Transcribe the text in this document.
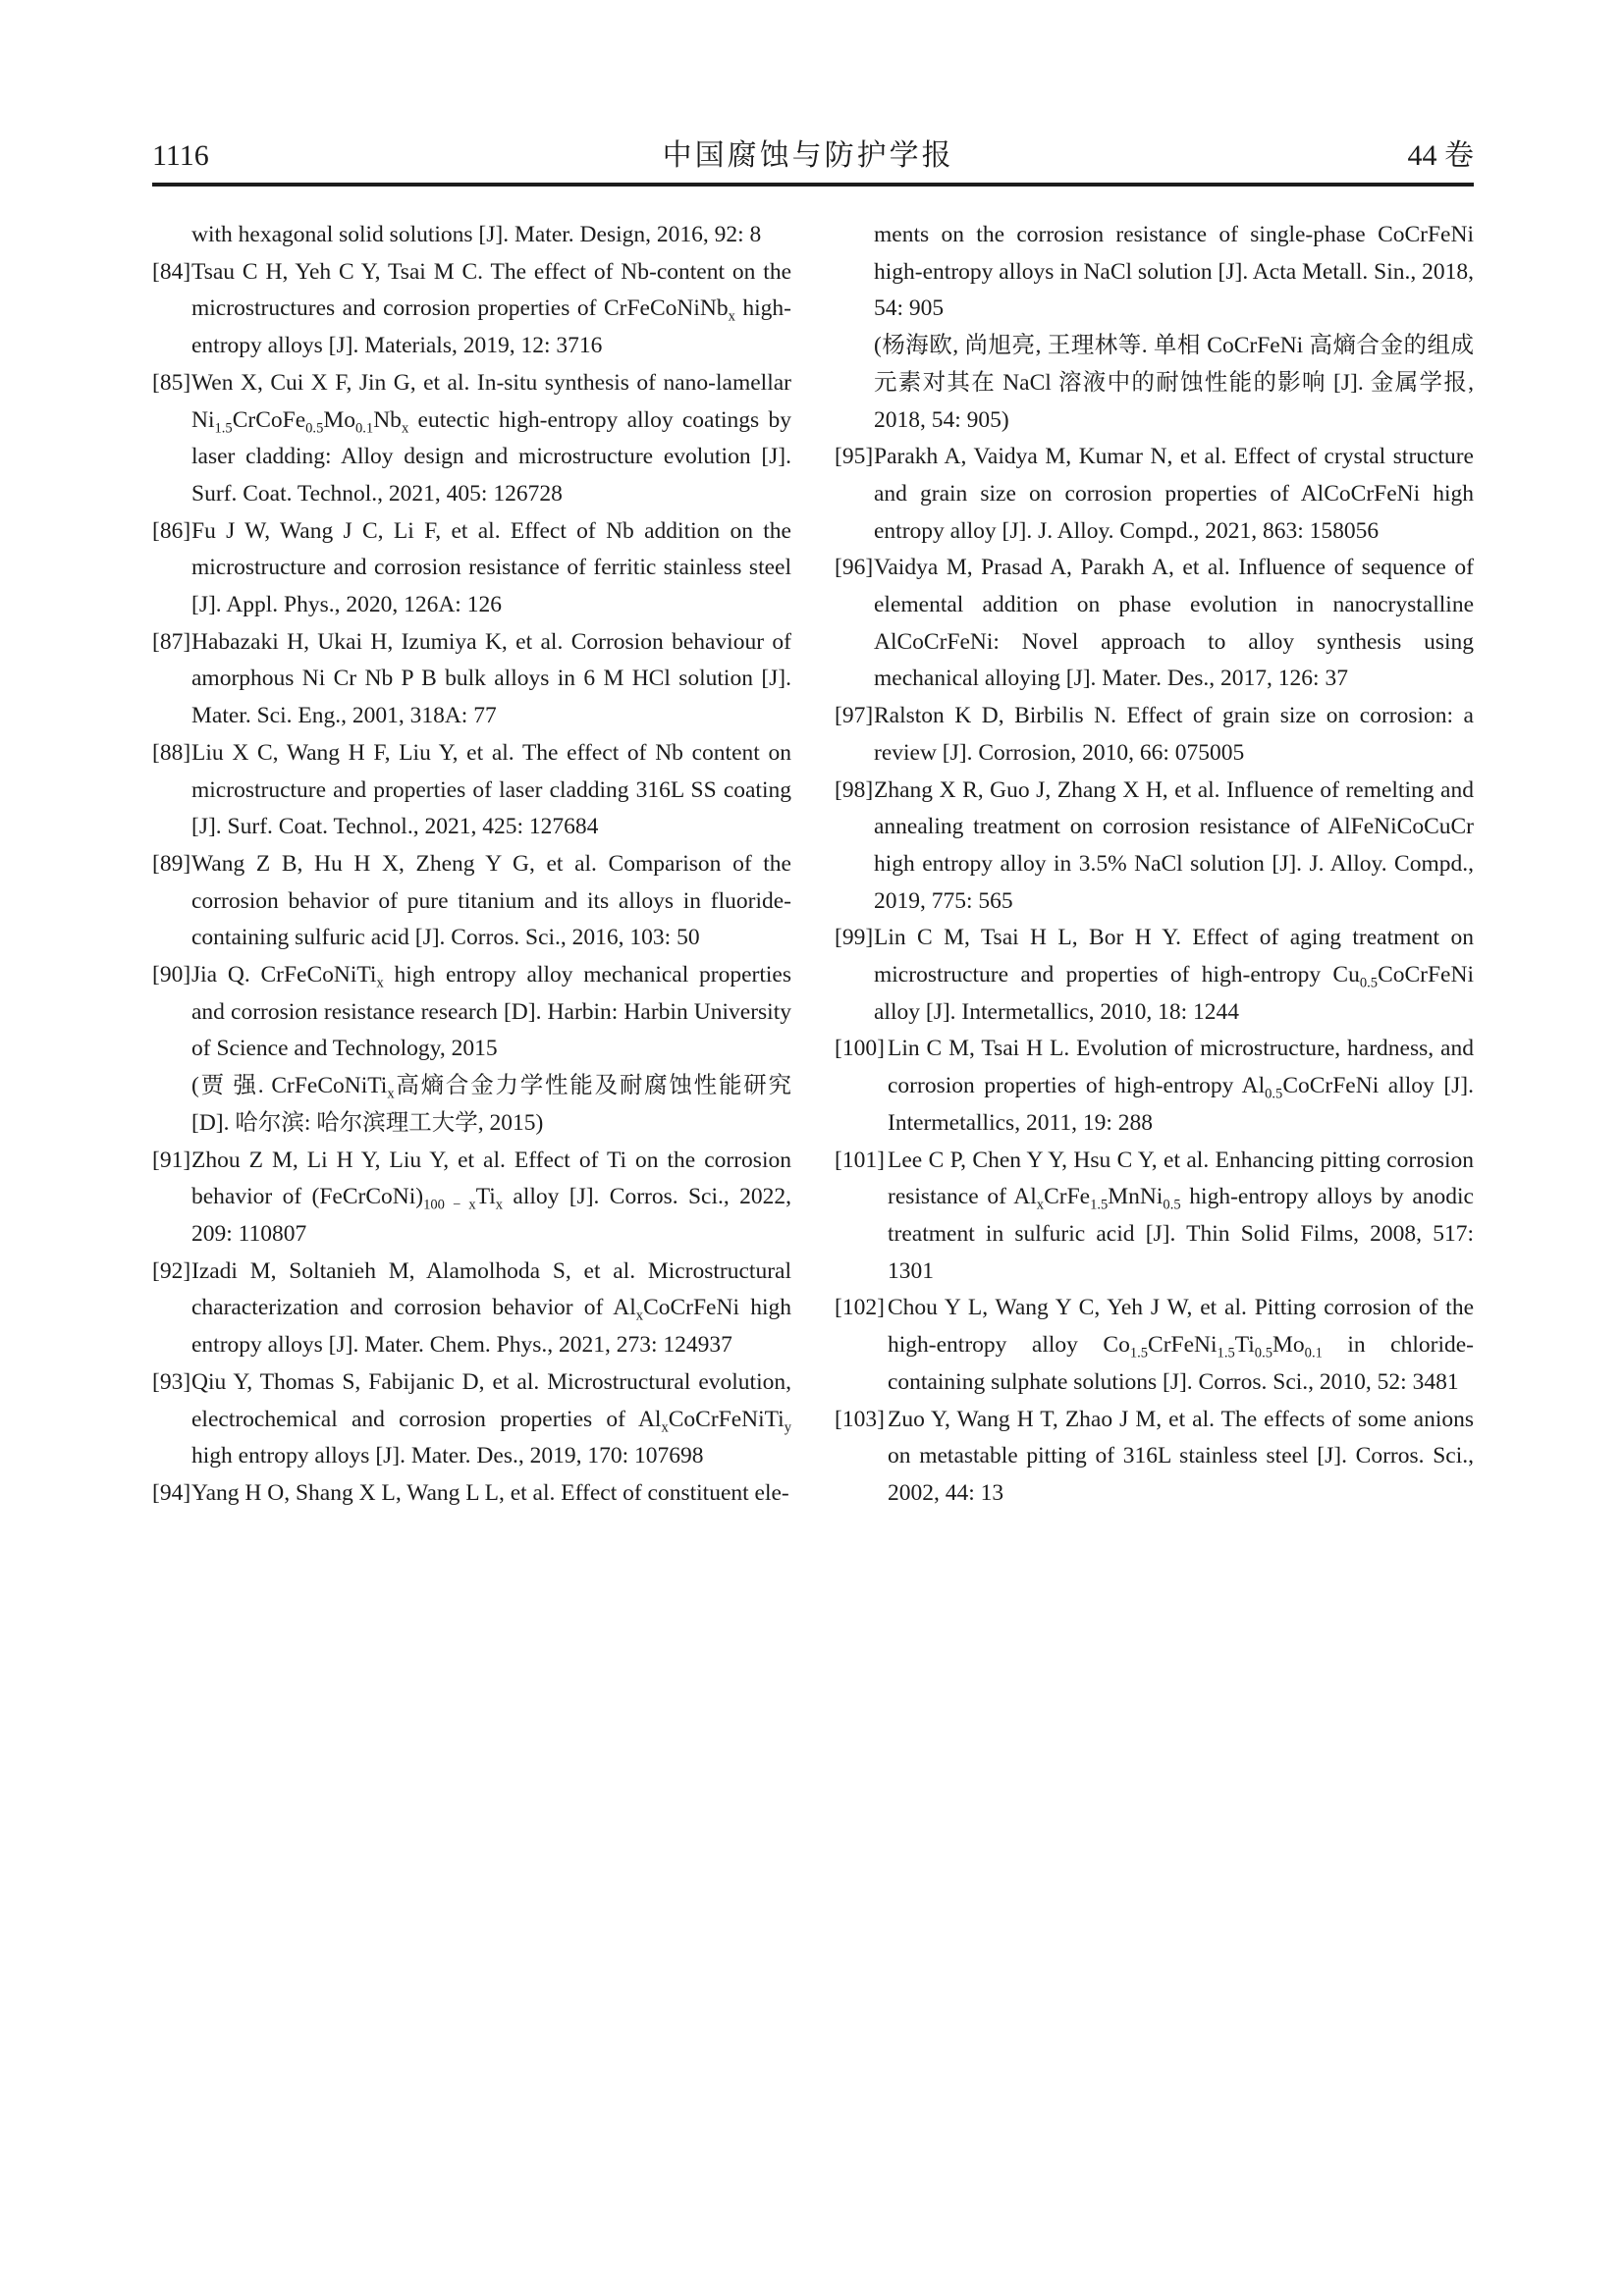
1116	中国腐蚀与防护学报	44 卷
with hexagonal solid solutions [J]. Mater. Design, 2016, 92: 8
[84] Tsau C H, Yeh C Y, Tsai M C. The effect of Nb-content on the microstructures and corrosion properties of CrFeCoNiNb$_x$ high-entropy alloys [J]. Materials, 2019, 12: 3716
[85] Wen X, Cui X F, Jin G, et al. In-situ synthesis of nano-lamellar $Ni_{1.5}CrCoFe_{0.5}Mo_{0.1}Nb_x$ eutectic high-entropy alloy coatings by laser cladding: Alloy design and microstructure evolution [J]. Surf. Coat. Technol., 2021, 405: 126728
[86] Fu J W, Wang J C, Li F, et al. Effect of Nb addition on the microstructure and corrosion resistance of ferritic stainless steel [J]. Appl. Phys., 2020, 126A: 126
[87] Habazaki H, Ukai H, Izumiya K, et al. Corrosion behaviour of amorphous Ni Cr Nb P B bulk alloys in 6 M HCl solution [J]. Mater. Sci. Eng., 2001, 318A: 77
[88] Liu X C, Wang H F, Liu Y, et al. The effect of Nb content on microstructure and properties of laser cladding 316L SS coating [J]. Surf. Coat. Technol., 2021, 425: 127684
[89] Wang Z B, Hu H X, Zheng Y G, et al. Comparison of the corrosion behavior of pure titanium and its alloys in fluoride-containing sulfuric acid [J]. Corros. Sci., 2016, 103: 50
[90] Jia Q. CrFeCoNiTi$_x$ high entropy alloy mechanical properties and corrosion resistance research [D]. Harbin: Harbin University of Science and Technology, 2015
(贾 强. CrFeCoNiTi$_x$高熵合金力学性能及耐腐蚀性能研究 [D]. 哈尔滨: 哈尔滨理工大学, 2015)
[91] Zhou Z M, Li H Y, Liu Y, et al. Effect of Ti on the corrosion behavior of $(FeCrCoNi)_{100 - x}Ti_x$ alloy [J]. Corros. Sci., 2022, 209: 110807
[92] Izadi M, Soltanieh M, Alamolhoda S, et al. Microstructural characterization and corrosion behavior of $Al_xCoCrFeNi$ high entropy alloys [J]. Mater. Chem. Phys., 2021, 273: 124937
[93] Qiu Y, Thomas S, Fabijanic D, et al. Microstructural evolution, electrochemical and corrosion properties of $Al_xCoCrFeNiTi_y$ high entropy alloys [J]. Mater. Des., 2019, 170: 107698
[94] Yang H O, Shang X L, Wang L L, et al. Effect of constituent ele-
ments on the corrosion resistance of single-phase CoCrFeNi high-entropy alloys in NaCl solution [J]. Acta Metall. Sin., 2018, 54: 905
(杨海欧, 尚旭亮, 王理林等. 单相 CoCrFeNi 高熵合金的组成元素对其在 NaCl 溶液中的耐蚀性能的影响 [J]. 金属学报, 2018, 54: 905)
[95] Parakh A, Vaidya M, Kumar N, et al. Effect of crystal structure and grain size on corrosion properties of AlCoCrFeNi high entropy alloy [J]. J. Alloy. Compd., 2021, 863: 158056
[96] Vaidya M, Prasad A, Parakh A, et al. Influence of sequence of elemental addition on phase evolution in nanocrystalline AlCoCrFeNi: Novel approach to alloy synthesis using mechanical alloying [J]. Mater. Des., 2017, 126: 37
[97] Ralston K D, Birbilis N. Effect of grain size on corrosion: a review [J]. Corrosion, 2010, 66: 075005
[98] Zhang X R, Guo J, Zhang X H, et al. Influence of remelting and annealing treatment on corrosion resistance of AlFeNiCoCuCr high entropy alloy in 3.5% NaCl solution [J]. J. Alloy. Compd., 2019, 775: 565
[99] Lin C M, Tsai H L, Bor H Y. Effect of aging treatment on microstructure and properties of high-entropy $Cu_{0.5}CoCrFeNi$ alloy [J]. Intermetallics, 2010, 18: 1244
[100] Lin C M, Tsai H L. Evolution of microstructure, hardness, and corrosion properties of high-entropy $Al_{0.5}CoCrFeNi$ alloy [J]. Intermetallics, 2011, 19: 288
[101] Lee C P, Chen Y Y, Hsu C Y, et al. Enhancing pitting corrosion resistance of $Al_xCrFe_{1.5}MnNi_{0.5}$ high-entropy alloys by anodic treatment in sulfuric acid [J]. Thin Solid Films, 2008, 517: 1301
[102] Chou Y L, Wang Y C, Yeh J W, et al. Pitting corrosion of the high-entropy alloy $Co_{1.5}CrFeNi_{1.5}Ti_{0.5}Mo_{0.1}$ in chloride-containing sulphate solutions [J]. Corros. Sci., 2010, 52: 3481
[103] Zuo Y, Wang H T, Zhao J M, et al. The effects of some anions on metastable pitting of 316L stainless steel [J]. Corros. Sci., 2002, 44: 13
